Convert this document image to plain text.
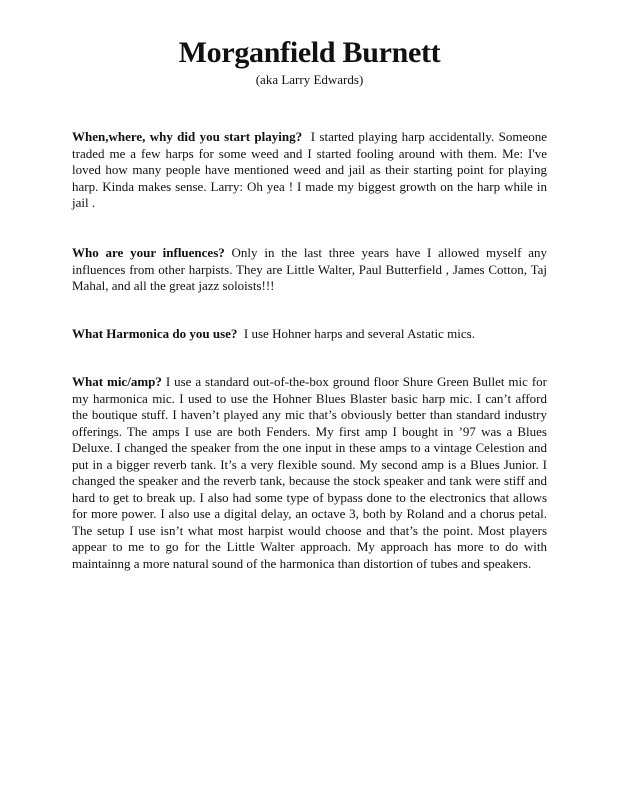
Morganfield Burnett
(aka Larry Edwards)

When,where, why did you start playing? I started playing harp accidentally. Someone traded me a few harps for some weed and I started fooling around with them. Me: I've loved how many people have mentioned weed and jail as their starting point for playing harp. Kinda makes sense. Larry: Oh yea ! I made my biggest growth on the harp while in jail .

Who are your influences? Only in the last three years have I allowed myself any influences from other harpists. They are Little Walter, Paul Butterfield , James Cotton, Taj Mahal, and all the great jazz soloists!!!

What Harmonica do you use? I use Hohner harps and several Astatic mics.

What mic/amp? I use a standard out-of-the-box ground floor Shure Green Bullet mic for my harmonica mic. I used to use the Hohner Blues Blaster basic harp mic. I can’t afford the boutique stuff. I haven’t played any mic that’s obviously better than standard industry offerings. The amps I use are both Fenders. My first amp I bought in ’97 was a Blues Deluxe. I changed the speaker from the one input in these amps to a vintage Celestion and put in a bigger reverb tank. It’s a very flexible sound. My second amp is a Blues Junior. I changed the speaker and the reverb tank, because the stock speaker and tank were stiff and hard to get to break up. I also had some type of bypass done to the electronics that allows for more power. I also use a digital delay, an octave 3, both by Roland and a chorus petal. The setup I use isn’t what most harpist would choose and that’s the point. Most players appear to me to go for the Little Walter approach. My approach has more to do with maintainng a more natural sound of the harmonica than distortion of tubes and speakers.
